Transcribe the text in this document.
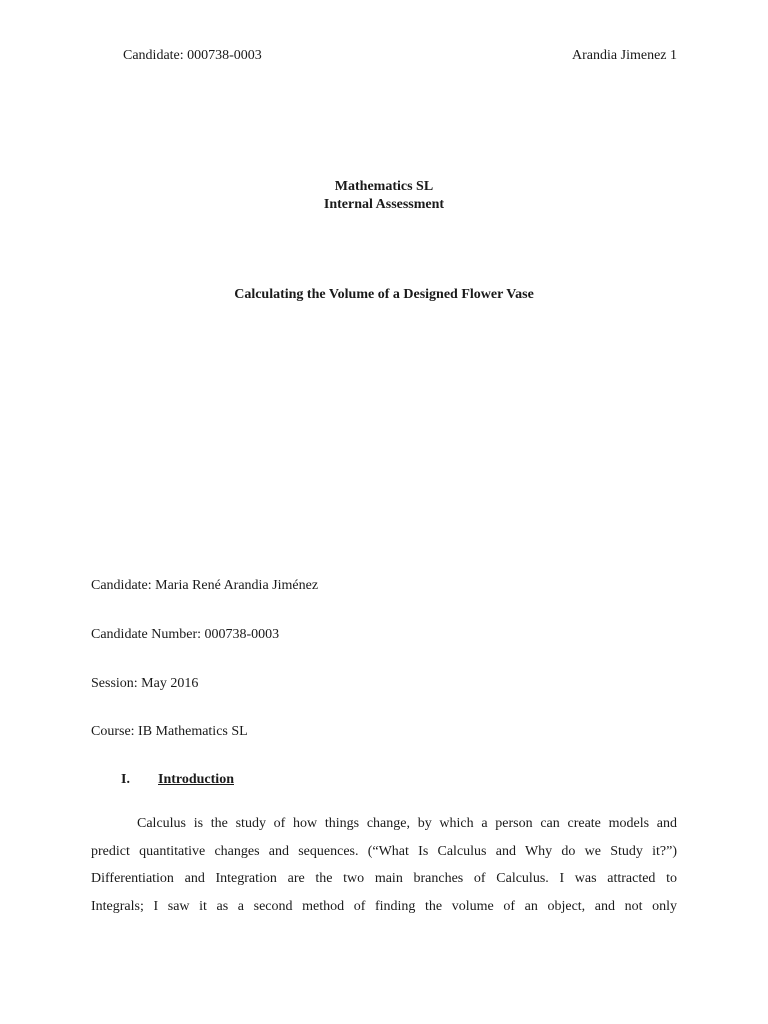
Candidate: 000738-0003	Arandia Jimenez 1
Mathematics SL
Internal Assessment
Calculating the Volume of a Designed Flower Vase
Candidate: Maria René Arandia Jiménez
Candidate Number: 000738-0003
Session: May 2016
Course: IB Mathematics SL
I. Introduction
Calculus is the study of how things change, by which a person can create models and
predict quantitative changes and sequences. (“What Is Calculus and Why do we Study it?”)
Differentiation and Integration are the two main branches of Calculus. I was attracted to
Integrals; I saw it as a second method of finding the volume of an object, and not only
